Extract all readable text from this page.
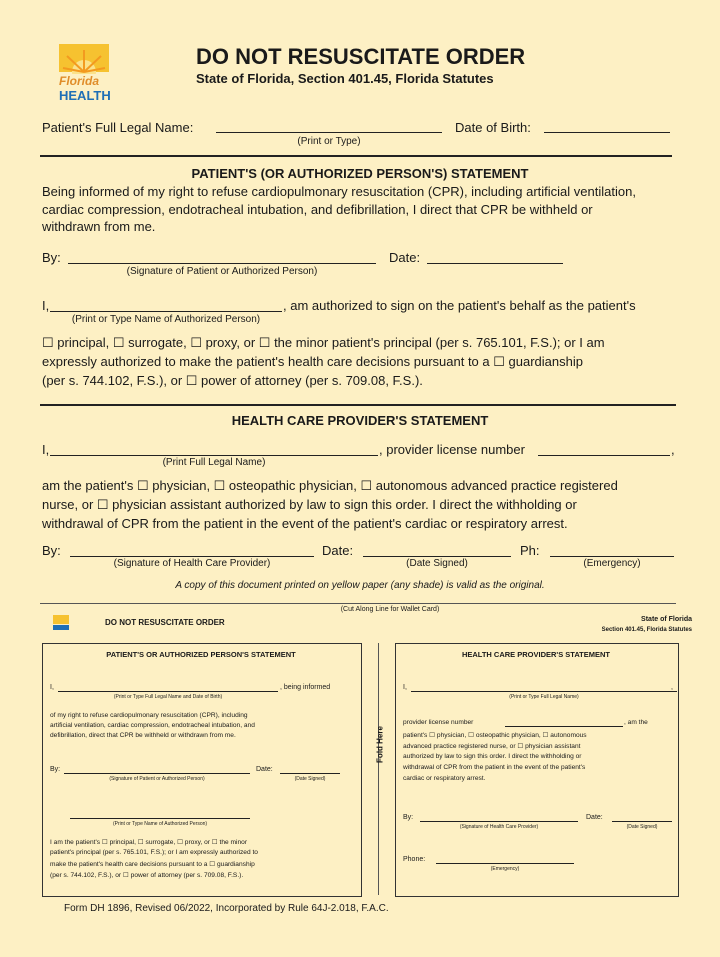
Florida
HEALTH
DO NOT RESUSCITATE ORDER
State of Florida, Section 401.45, Florida Statutes
Patient's Full Legal Name:
(Print or Type)
Date of Birth:
PATIENT'S (OR AUTHORIZED PERSON'S) STATEMENT
Being informed of my right to refuse cardiopulmonary resuscitation (CPR), including artificial ventilation, cardiac compression, endotracheal intubation, and defibrillation, I direct that CPR be withheld or withdrawn from me.
By:
(Signature of Patient or Authorized Person)
Date:
I,	, am authorized to sign on the patient's behalf as the patient's
(Print or Type Name of Authorized Person)
☐ principal, ☐ surrogate, ☐ proxy, or ☐ the minor patient's principal (per s. 765.101, F.S.); or I am
expressly authorized to make the patient's health care decisions pursuant to a ☐ guardianship
(per s. 744.102, F.S.), or ☐ power of attorney (per s. 709.08, F.S.).
HEALTH CARE PROVIDER'S STATEMENT
I,	, provider license number	,
(Print Full Legal Name)
am the patient's ☐ physician, ☐ osteopathic physician, ☐ autonomous advanced practice registered
nurse, or ☐ physician assistant authorized by law to sign this order. I direct the withholding or
withdrawal of CPR from the patient in the event of the patient's cardiac or respiratory arrest.
By:
(Signature of Health Care Provider)
Date:
(Date Signed)
Ph:
(Emergency)
A copy of this document printed on yellow paper (any shade) is valid as the original.
(Cut Along Line for Wallet Card)
DO NOT RESUSCITATE ORDER	State of Florida
Section 401.45, Florida Statutes
PATIENT'S OR AUTHORIZED PERSON'S STATEMENT
I,	, being informed
(Print or Type Full Legal Name and Date of Birth)
of my right to refuse cardiopulmonary resuscitation (CPR), including
artificial ventilation, cardiac compression, endotracheal intubation, and
defibrillation, direct that CPR be withheld or withdrawn from me.
By:
(Signature of Patient or Authorized Person)
Date:
(Date Signed)
(Print or Type Name of Authorized Person)
I am the patient's ☐ principal, ☐ surrogate, ☐ proxy, or ☐ the minor
patient's principal (per s. 765.101, F.S.); or I am expressly authorized to
make the patient's health care decisions pursuant to a ☐ guardianship
(per s. 744.102, F.S.), or ☐ power of attorney (per s. 709.08, F.S.).
Fold Here
HEALTH CARE PROVIDER'S STATEMENT
I,	,
(Print or Type Full Legal Name)
provider license number	, am the
patient's ☐ physician, ☐ osteopathic physician, ☐ autonomous
advanced practice registered nurse, or ☐ physician assistant
authorized by law to sign this order. I direct the withholding or
withdrawal of CPR from the patient in the event of the patient's
cardiac or respiratory arrest.
By:
(Signature of Health Care Provider)
Date:
(Date Signed)
Phone:
(Emergency)
Form DH 1896, Revised 06/2022, Incorporated by Rule 64J-2.018, F.A.C.
